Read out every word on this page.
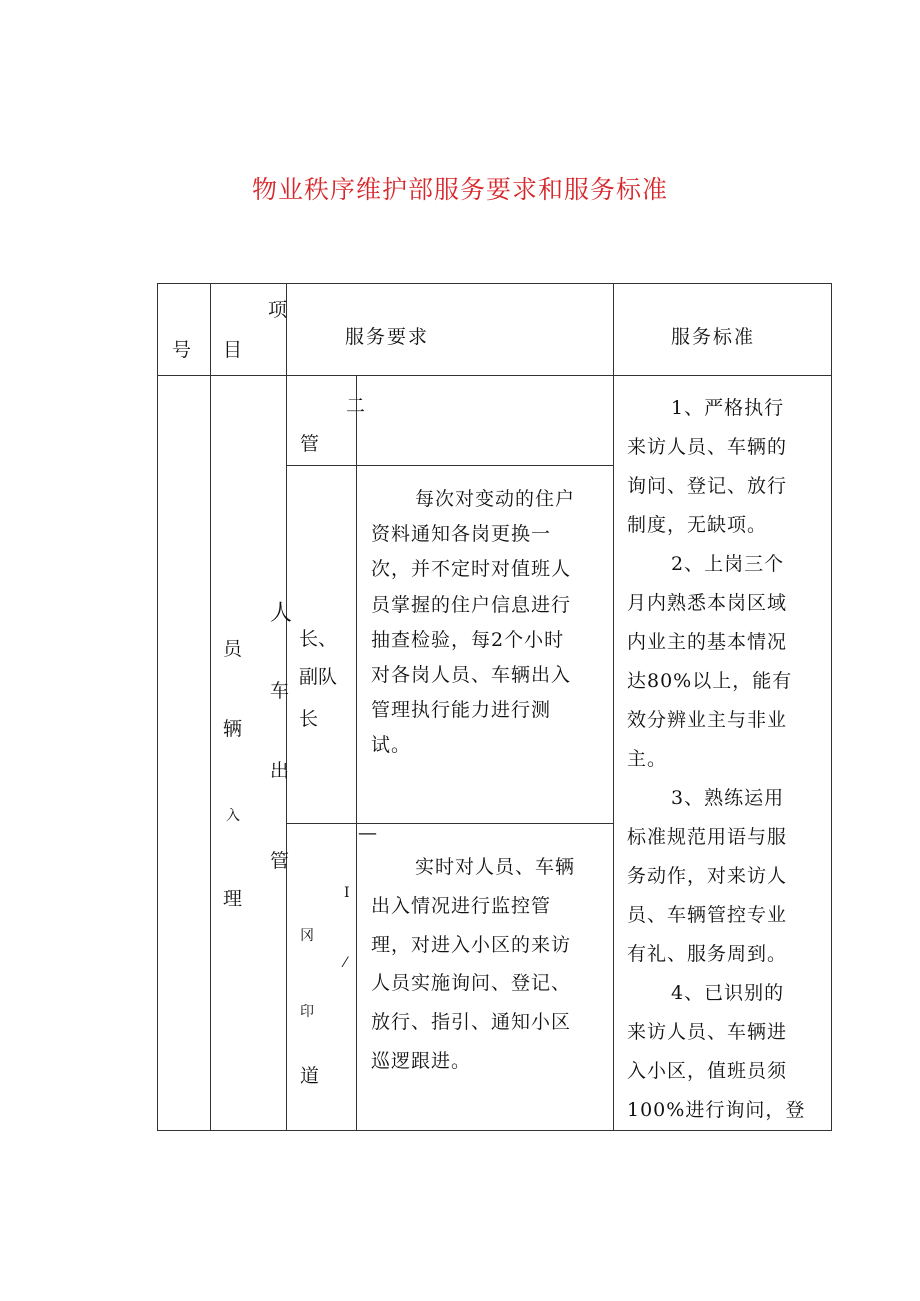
物业秩序维护部服务要求和服务标准
号
项
目
服务要求	服务标准
员
辆
入
理
人
车
出
管
二
管
长、
副队
长
I
冈
⁄
印
道
每次对变动的住户
资料通知各岗更换一
次，并不定时对值班人
员掌握的住户信息进行
抽查检验，每2个小时
对各岗人员、车辆出入
管理执行能力进行测
试。
—
实时对人员、车辆
出入情况进行监控管
理，对进入小区的来访
人员实施询问、登记、
放行、指引、通知小区
巡逻跟进。
1、严格执行
来访人员、车辆的
询问、登记、放行
制度，无缺项。
2、上岗三个
月内熟悉本岗区域
内业主的基本情况
达80%以上，能有
效分辨业主与非业
主。
3、熟练运用
标准规范用语与服
务动作，对来访人
员、车辆管控专业
有礼、服务周到。
4、已识别的
来访人员、车辆进
入小区，值班员须
100%进行询问，登
